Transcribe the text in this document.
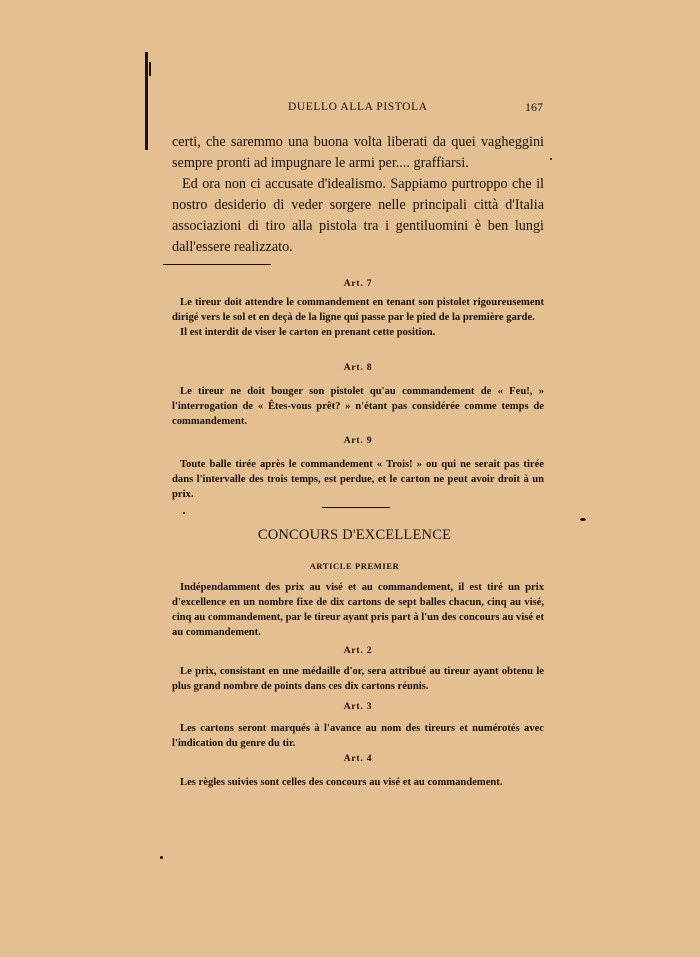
DUELLO ALLA PISTOLA	167

certi, che saremmo una buona volta liberati da quei vagheggini sempre pronti ad impugnare le armi per.... graffiarsi.

Ed ora non ci accusate d'idealismo. Sappiamo purtroppo che il nostro desiderio di veder sorgere nelle principali città d'Italia associazioni di tiro alla pistola tra i gentiluomini è ben lungi dall'essere realizzato.

Art. 7

Le tireur doit attendre le commandement en tenant son pistolet rigoureusement dirigé vers le sol et en deçà de la ligne qui passe par le pied de la première garde.

Il est interdit de viser le carton en prenant cette position.

Art. 8

Le tireur ne doit bouger son pistolet qu'au commandement de « Feu!, » l'interrogation de « Êtes-vous prêt? » n'étant pas considérée comme temps de commandement.

Art. 9

Toute balle tirée après le commandement « Trois! » ou qui ne serait pas tirée dans l'intervalle des trois temps, est perdue, et le carton ne peut avoir droit à un prix.

CONCOURS D'EXCELLENCE
ARTICLE PREMIER

Indépendamment des prix au visé et au commandement, il est tiré un prix d'excellence en un nombre fixe de dix cartons de sept balles chacun, cinq au visé, cinq au commandement, par le tireur ayant pris part à l'un des concours au visé et au commandement.

Art. 2

Le prix, consistant en une médaille d'or, sera attribué au tireur ayant obtenu le plus grand nombre de points dans ces dix cartons réunis.

Art. 3

Les cartons seront marqués à l'avance au nom des tireurs et numérotés avec l'indication du genre du tir.

Art. 4

Les règles suivies sont celles des concours au visé et au commandement.
